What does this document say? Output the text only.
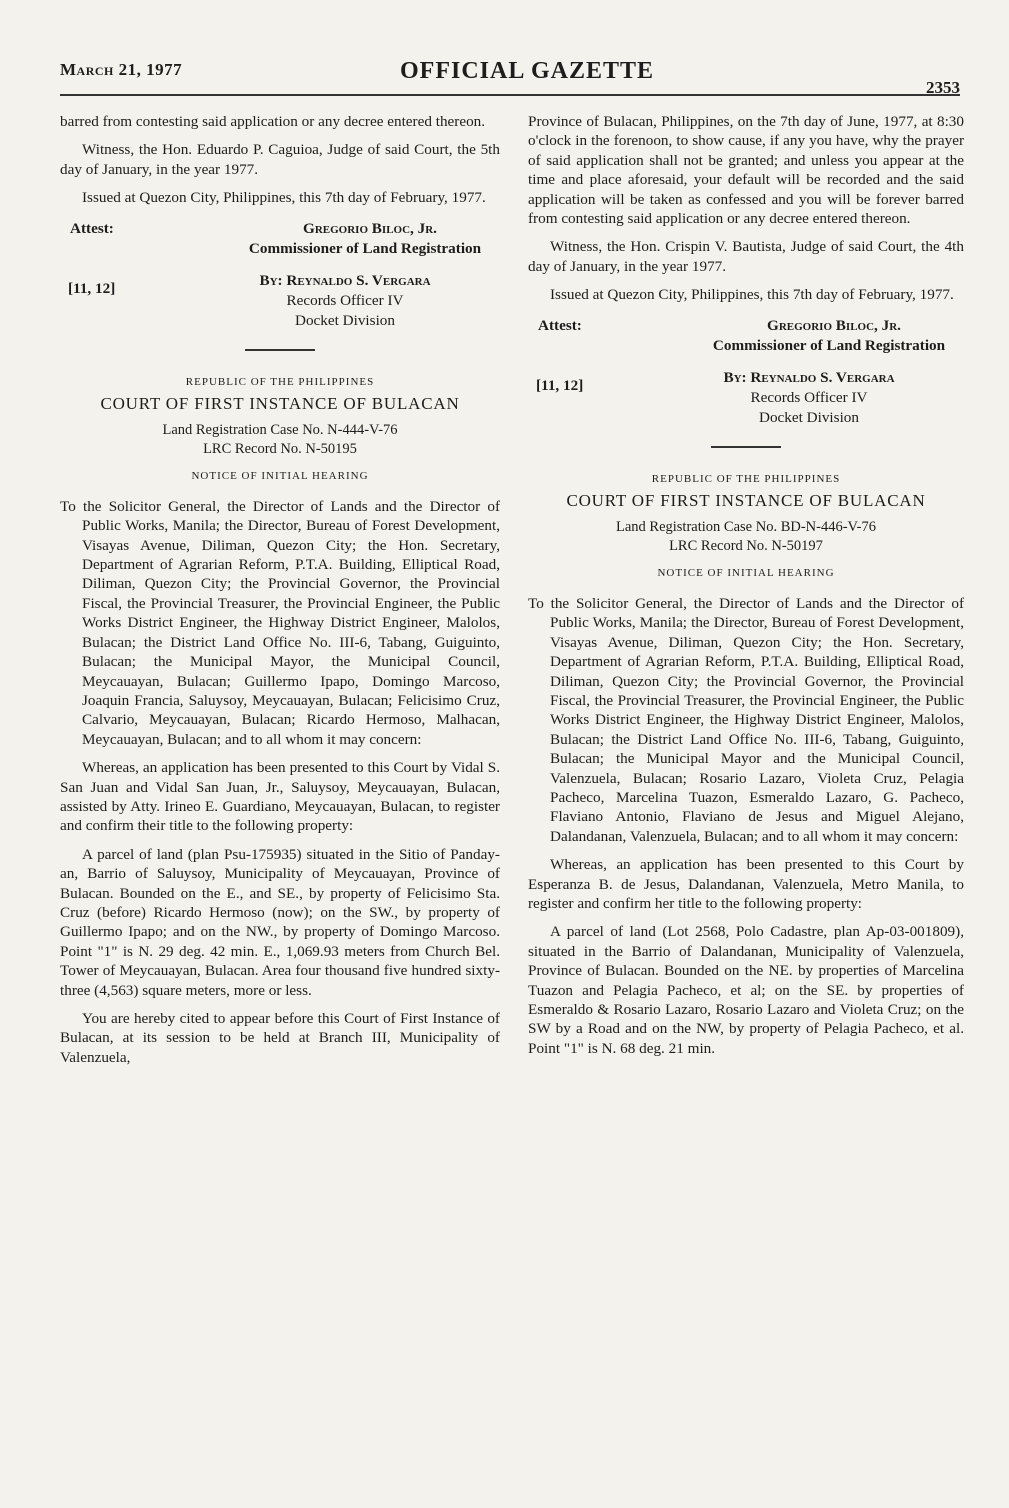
March 21, 1977	OFFICIAL GAZETTE
2353

barred from contesting said application or any decree entered thereon.

Witness, the Hon. Eduardo P. Caguioa, Judge of said Court, the 5th day of January, in the year 1977.

Issued at Quezon City, Philippines, this 7th day of February, 1977.

Attest:	Gregorio Biloc, Jr.
Commissioner of Land Registration
[11, 12]	By: Reynaldo S. Vergara
Records Officer IV
Docket Division
REPUBLIC OF THE PHILIPPINES
COURT OF FIRST INSTANCE OF BULACAN
Land Registration Case No. N-444-V-76
LRC Record No. N-50195
NOTICE OF INITIAL HEARING

To the Solicitor General, the Director of Lands and the Director of Public Works, Manila; the Director, Bureau of Forest Development, Visayas Avenue, Diliman, Quezon City; the Hon. Secretary, Department of Agrarian Reform, P.T.A. Building, Elliptical Road, Diliman, Quezon City; the Provincial Governor, the Provincial Fiscal, the Provincial Treasurer, the Provincial Engineer, the Public Works District Engineer, the Highway District Engineer, Malolos, Bulacan; the District Land Office No. III-6, Tabang, Guiguinto, Bulacan; the Municipal Mayor, the Municipal Council, Meycauayan, Bulacan; Guillermo Ipapo, Domingo Marcoso, Joaquin Francia, Saluysoy, Meycauayan, Bulacan; Felicisimo Cruz, Calvario, Meycauayan, Bulacan; Ricardo Hermoso, Malhacan, Meycauayan, Bulacan; and to all whom it may concern:

Whereas, an application has been presented to this Court by Vidal S. San Juan and Vidal San Juan, Jr., Saluysoy, Meycauayan, Bulacan, assisted by Atty. Irineo E. Guardiano, Meycauayan, Bulacan, to register and confirm their title to the following property:

A parcel of land (plan Psu-175935) situated in the Sitio of Panday-an, Barrio of Saluysoy, Municipality of Meycauayan, Province of Bulacan. Bounded on the E., and SE., by property of Felicisimo Sta. Cruz (before) Ricardo Hermoso (now); on the SW., by property of Guillermo Ipapo; and on the NW., by property of Domingo Marcoso. Point "1" is N. 29 deg. 42 min. E., 1,069.93 meters from Church Bel. Tower of Meycauayan, Bulacan. Area four thousand five hundred sixty-three (4,563) square meters, more or less.

You are hereby cited to appear before this Court of First Instance of Bulacan, at its session to be held at Branch III, Municipality of Valenzuela,

Province of Bulacan, Philippines, on the 7th day of June, 1977, at 8:30 o'clock in the forenoon, to show cause, if any you have, why the prayer of said application shall not be granted; and unless you appear at the time and place aforesaid, your default will be recorded and the said application will be taken as confessed and you will be forever barred from contesting said application or any decree entered thereon.

Witness, the Hon. Crispin V. Bautista, Judge of said Court, the 4th day of January, in the year 1977.

Issued at Quezon City, Philippines, this 7th day of February, 1977.

Attest:	Gregorio Biloc, Jr.
Commissioner of Land Registration
[11, 12]	By: Reynaldo S. Vergara
Records Officer IV
Docket Division
REPUBLIC OF THE PHILIPPINES
COURT OF FIRST INSTANCE OF BULACAN
Land Registration Case No. BD-N-446-V-76
LRC Record No. N-50197
NOTICE OF INITIAL HEARING

To the Solicitor General, the Director of Lands and the Director of Public Works, Manila; the Director, Bureau of Forest Development, Visayas Avenue, Diliman, Quezon City; the Hon. Secretary, Department of Agrarian Reform, P.T.A. Building, Elliptical Road, Diliman, Quezon City; the Provincial Governor, the Provincial Fiscal, the Provincial Treasurer, the Provincial Engineer, the Public Works District Engineer, the Highway District Engineer, Malolos, Bulacan; the District Land Office No. III-6, Tabang, Guiguinto, Bulacan; the Municipal Mayor and the Municipal Council, Valenzuela, Bulacan; Rosario Lazaro, Violeta Cruz, Pelagia Pacheco, Marcelina Tuazon, Esmeraldo Lazaro, G. Pacheco, Flaviano Antonio, Flaviano de Jesus and Miguel Alejano, Dalandanan, Valenzuela, Bulacan; and to all whom it may concern:

Whereas, an application has been presented to this Court by Esperanza B. de Jesus, Dalandanan, Valenzuela, Metro Manila, to register and confirm her title to the following property:

A parcel of land (Lot 2568, Polo Cadastre, plan Ap-03-001809), situated in the Barrio of Dalandanan, Municipality of Valenzuela, Province of Bulacan. Bounded on the NE. by properties of Marcelina Tuazon and Pelagia Pacheco, et al; on the SE. by properties of Esmeraldo & Rosario Lazaro, Rosario Lazaro and Violeta Cruz; on the SW by a Road and on the NW, by property of Pelagia Pacheco, et al. Point "1" is N. 68 deg. 21 min.
